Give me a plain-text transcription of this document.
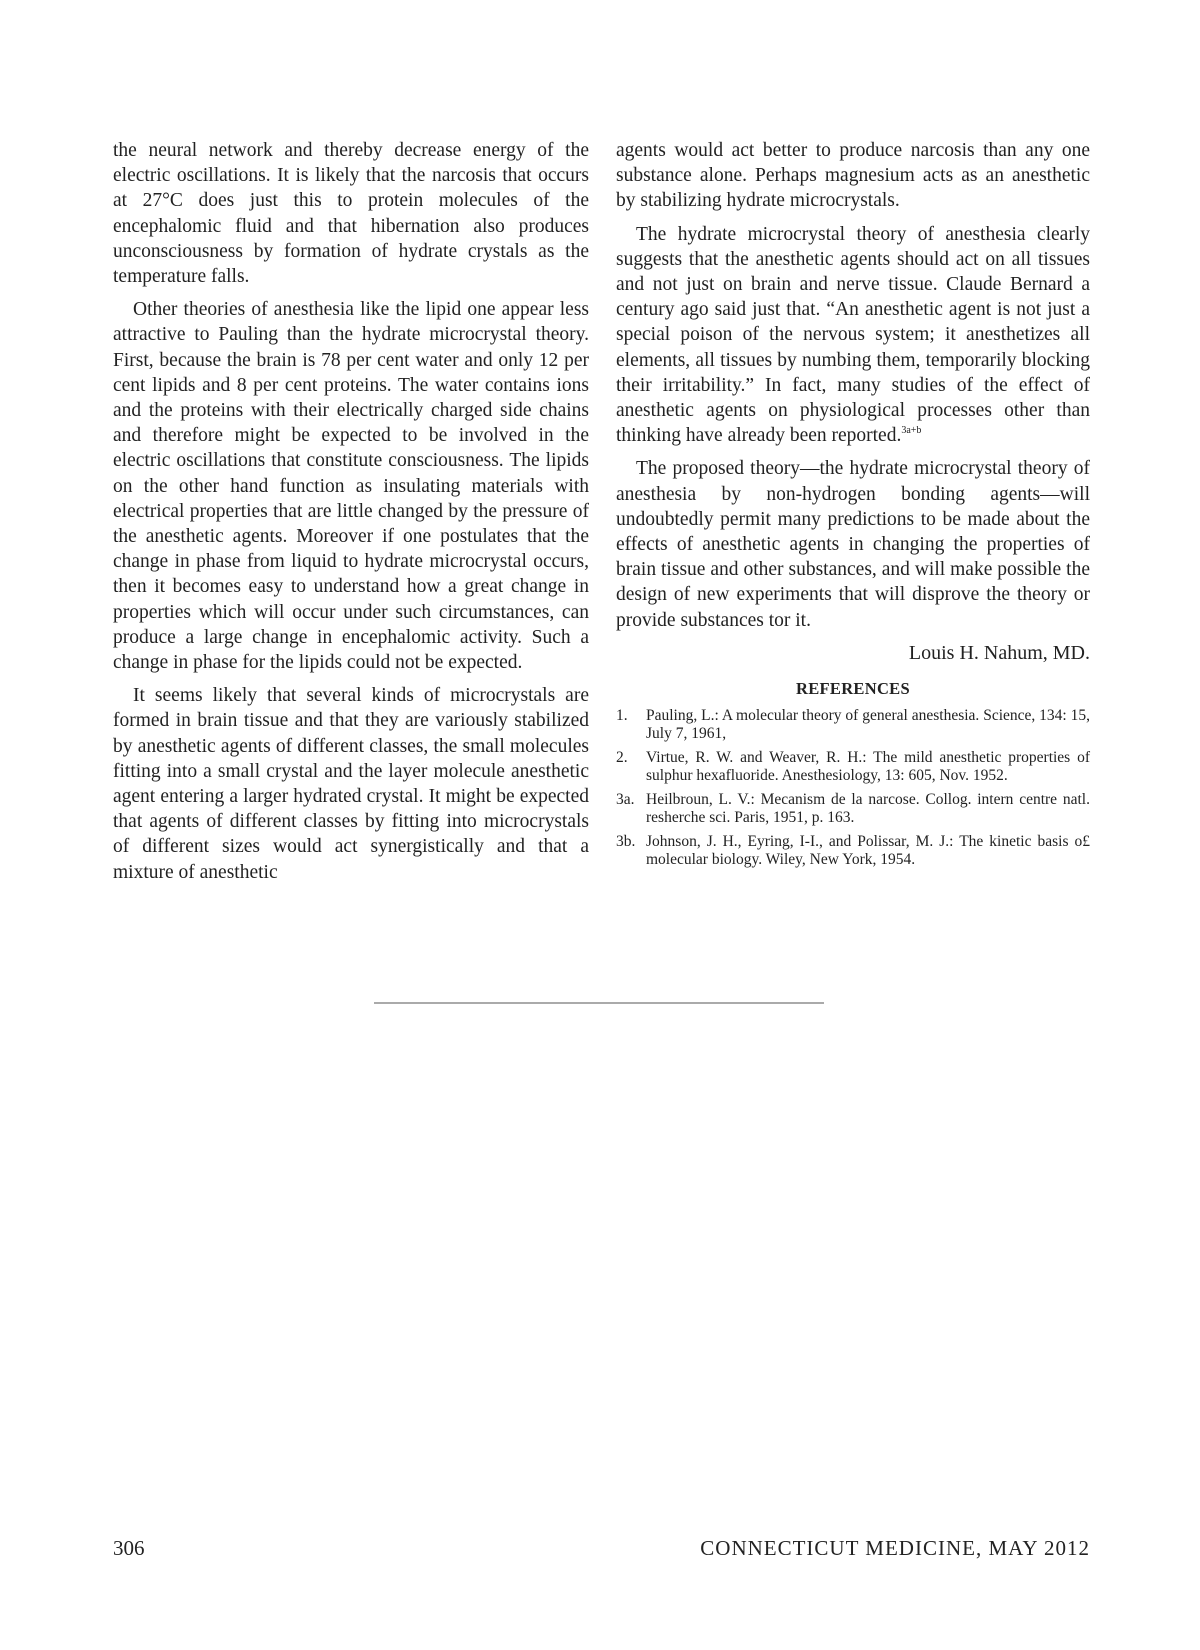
the neural network and thereby decrease energy of the electric oscillations. It is likely that the narcosis that occurs at 27°C does just this to protein molecules of the encephalomic fluid and that hibernation also produces unconsciousness by formation of hydrate crystals as the temperature falls.

Other theories of anesthesia like the lipid one appear less attractive to Pauling than the hydrate microcrystal theory. First, because the brain is 78 per cent water and only 12 per cent lipids and 8 per cent proteins. The water contains ions and the proteins with their electrically charged side chains and therefore might be expected to be involved in the electric oscillations that constitute consciousness. The lipids on the other hand function as insulating materials with electrical properties that are little changed by the pressure of the anesthetic agents. Moreover if one postulates that the change in phase from liquid to hydrate microcrystal occurs, then it becomes easy to understand how a great change in properties which will occur under such circumstances, can produce a large change in encephalomic activity. Such a change in phase for the lipids could not be expected.

It seems likely that several kinds of microcrystals are formed in brain tissue and that they are variously stabilized by anesthetic agents of different classes, the small molecules fitting into a small crystal and the layer molecule anesthetic agent entering a larger hydrated crystal. It might be expected that agents of different classes by fitting into microcrystals of different sizes would act synergistically and that a mixture of anesthetic

agents would act better to produce narcosis than any one substance alone. Perhaps magnesium acts as an anesthetic by stabilizing hydrate microcrystals.

The hydrate microcrystal theory of anesthesia clearly suggests that the anesthetic agents should act on all tissues and not just on brain and nerve tissue. Claude Bernard a century ago said just that. “An anesthetic agent is not just a special poison of the nervous system; it anesthetizes all elements, all tissues by numbing them, temporarily blocking their irritability.” In fact, many studies of the effect of anesthetic agents on physiological processes other than thinking have already been reported.$^{3a+b}$

The proposed theory—the hydrate microcrystal theory of anesthesia by non-hydrogen bonding agents—will undoubtedly permit many predictions to be made about the effects of anesthetic agents in changing the properties of brain tissue and other substances, and will make possible the design of new experiments that will disprove the theory or provide substances tor it.

Louis H. Nahum, MD.
REFERENCES
1.	Pauling, L.: A molecular theory of general anesthesia. Science, 134: 15, July 7, 1961,
2.	Virtue, R. W. and Weaver, R. H.: The mild anesthetic properties of sulphur hexafluoride. Anesthesiology, 13: 605, Nov. 1952.
3a. Heilbroun, L. V.: Mecanism de la narcose. Collog. intern centre natl. resherche sci. Paris, 1951, p. 163.
3b. Johnson, J. H., Eyring, I-I., and Polissar, M. J.: The kinetic basis o£ molecular biology. Wiley, New York, 1954.
306	CONNECTICUT MEDICINE, MAY 2012
